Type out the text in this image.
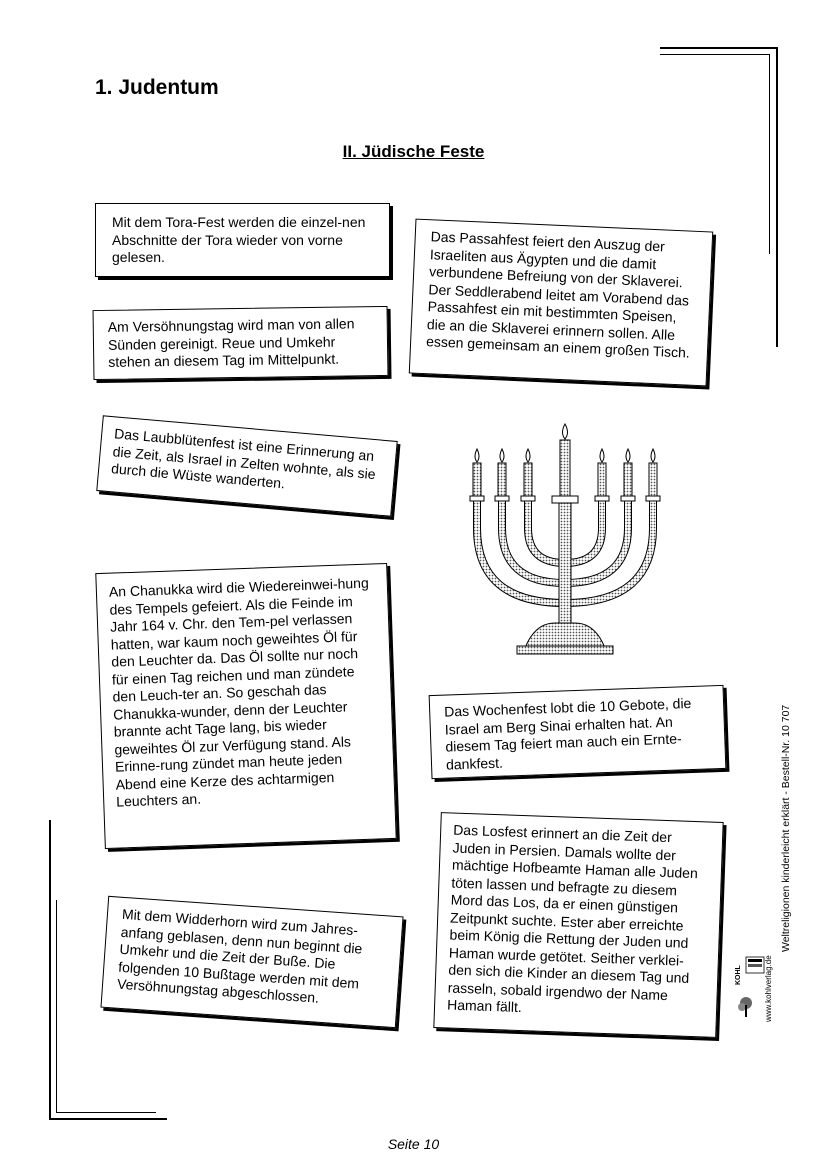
1. Judentum
II. Jüdische Feste

Mit dem Tora-Fest werden die einzel-nen Abschnitte der Tora wieder von vorne gelesen.

Das Passahfest feiert den Auszug der Israeliten aus Ägypten und die damit verbundene Befreiung von der Sklaverei. Der Seddlerabend leitet am Vorabend das Passahfest ein mit bestimmten Speisen, die an die Sklaverei erinnern sollen. Alle essen gemeinsam an einem großen Tisch.

Am Versöhnungstag wird man von allen Sünden gereinigt. Reue und Umkehr stehen an diesem Tag im Mittelpunkt.

Das Laubblütenfest ist eine Erinnerung an die Zeit, als Israel in Zelten wohnte, als sie durch die Wüste wanderten.

An Chanukka wird die Wiedereinwei-hung des Tempels gefeiert. Als die Feinde im Jahr 164 v. Chr. den Tem-pel verlassen hatten, war kaum noch geweihtes Öl für den Leuchter da. Das Öl sollte nur noch für einen Tag reichen und man zündete den Leuch-ter an. So geschah das Chanukka-wunder, denn der Leuchter brannte acht Tage lang, bis wieder geweihtes Öl zur Verfügung stand. Als Erinne-rung zündet man heute jeden Abend eine Kerze des achtarmigen Leuchters an.

Das Wochenfest lobt die 10 Gebote, die Israel am Berg Sinai erhalten hat. An diesem Tag feiert man auch ein Ernte-dankfest.

Das Losfest erinnert an die Zeit der Juden in Persien. Damals wollte der mächtige Hofbeamte Haman alle Juden töten lassen und befragte zu diesem Mord das Los, da er einen günstigen Zeitpunkt suchte. Ester aber erreichte beim König die Rettung der Juden und Haman wurde getötet. Seither verklei-den sich die Kinder an diesem Tag und rasseln, sobald irgendwo der Name Haman fällt.

Mit dem Widderhorn wird zum Jahres-anfang geblasen, denn nun beginnt die Umkehr und die Zeit der Buße. Die folgenden 10 Bußtage werden mit dem Versöhnungstag abgeschlossen.

Weltreligionen kinderleicht erklärt - Bestell-Nr. 10 707
www.kohlverlag.de
KOHL
Seite 10
